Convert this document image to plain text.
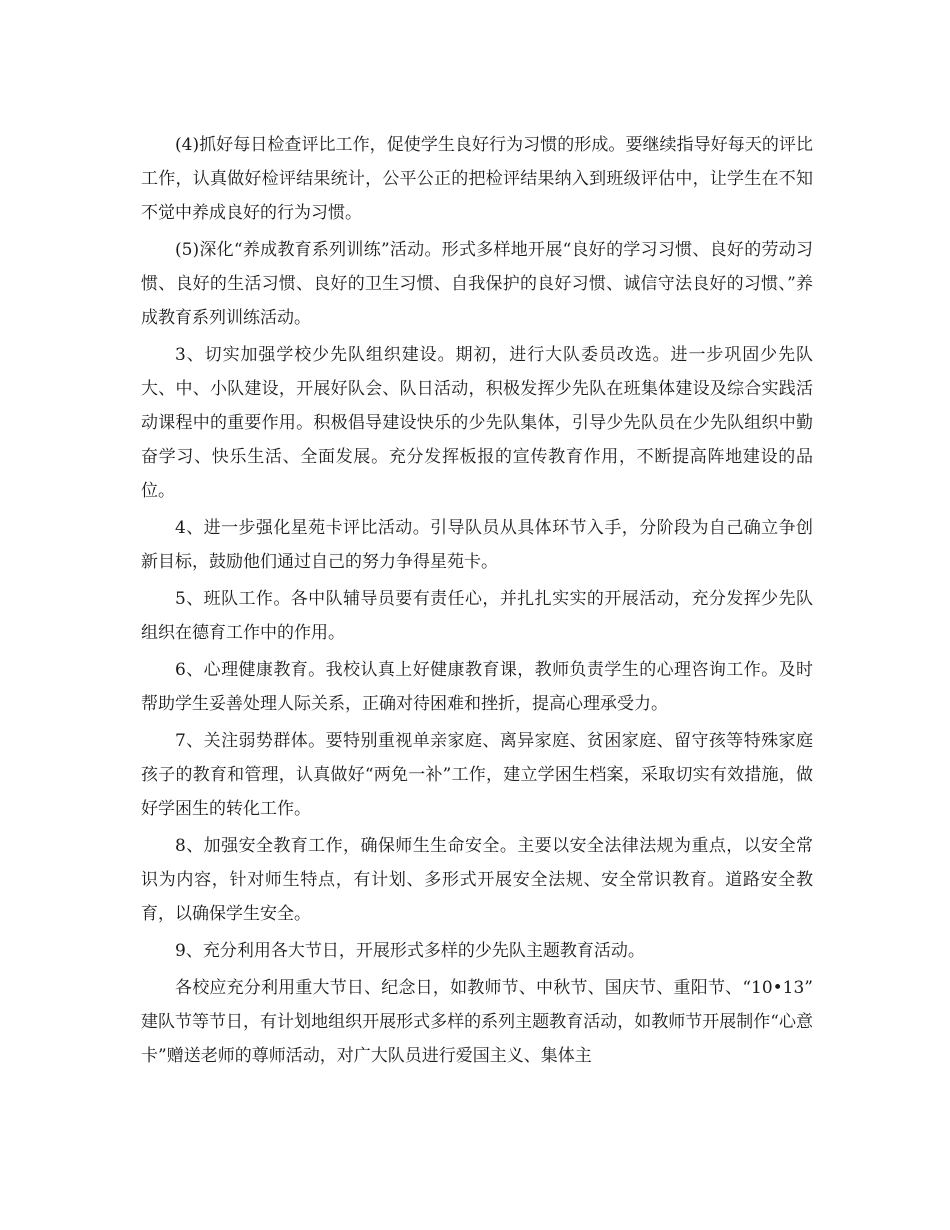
(4)抓好每日检查评比工作，促使学生良好行为习惯的形成。要继续指导好每天的评比工作，认真做好检评结果统计，公平公正的把检评结果纳入到班级评估中，让学生在不知不觉中养成良好的行为习惯。

(5)深化“养成教育系列训练”活动。形式多样地开展“良好的学习习惯、良好的劳动习惯、良好的生活习惯、良好的卫生习惯、自我保护的良好习惯、诚信守法良好的习惯、”养成教育系列训练活动。

3、切实加强学校少先队组织建设。期初，进行大队委员改选。进一步巩固少先队大、中、小队建设，开展好队会、队日活动，积极发挥少先队在班集体建设及综合实践活动课程中的重要作用。积极倡导建设快乐的少先队集体，引导少先队员在少先队组织中勤奋学习、快乐生活、全面发展。充分发挥板报的宣传教育作用，不断提高阵地建设的品位。

4、进一步强化星苑卡评比活动。引导队员从具体环节入手，分阶段为自己确立争创新目标，鼓励他们通过自己的努力争得星苑卡。

5、班队工作。各中队辅导员要有责任心，并扎扎实实的开展活动，充分发挥少先队组织在德育工作中的作用。

6、心理健康教育。我校认真上好健康教育课，教师负责学生的心理咨询工作。及时帮助学生妥善处理人际关系，正确对待困难和挫折，提高心理承受力。

7、关注弱势群体。要特别重视单亲家庭、离异家庭、贫困家庭、留守孩等特殊家庭孩子的教育和管理，认真做好“两免一补”工作，建立学困生档案，采取切实有效措施，做好学困生的转化工作。

8、加强安全教育工作，确保师生生命安全。主要以安全法律法规为重点，以安全常识为内容，针对师生特点，有计划、多形式开展安全法规、安全常识教育。道路安全教育，以确保学生安全。

9、充分利用各大节日，开展形式多样的少先队主题教育活动。

各校应充分利用重大节日、纪念日，如教师节、中秋节、国庆节、重阳节、“10•13” 建队节等节日，有计划地组织开展形式多样的系列主题教育活动，如教师节开展制作“心意卡”赠送老师的尊师活动，对广大队员进行爱国主义、集体主
